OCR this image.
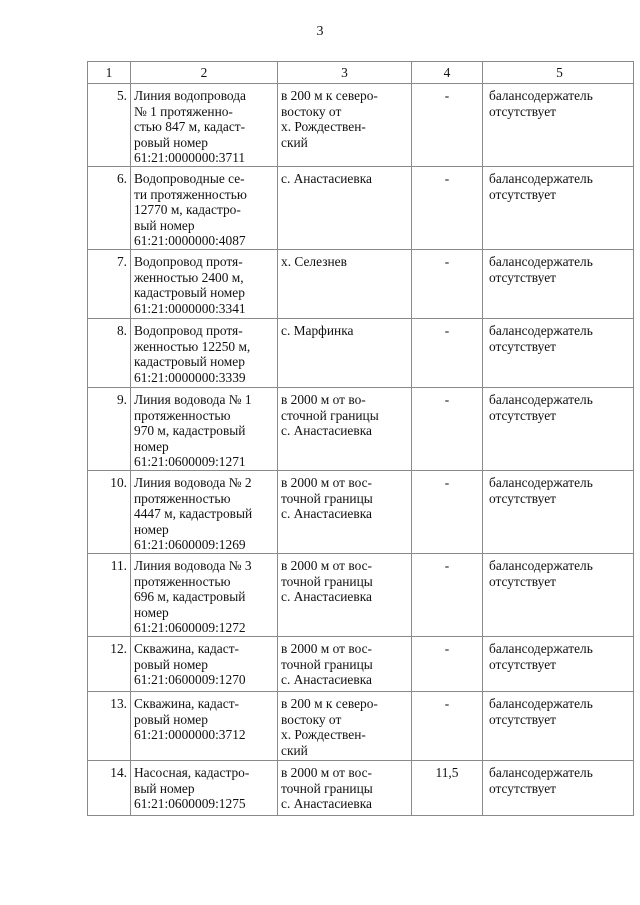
3
1	2	3	4	5
5.	Линия водопровода
№ 1 протяженно-
стью 847 м, кадаст-
ровый номер
61:21:0000000:3711	в 200 м к северо-
востоку от
х. Рождествен-
ский	-	балансодержатель
отсутствует

6.	Водопроводные се-
ти протяженностью
12770 м, кадастро-
вый номер
61:21:0000000:4087	с. Анастасиевка	-	балансодержатель
отсутствует

7.	Водопровод протя-
женностью 2400 м,
кадастровый номер
61:21:0000000:3341	х. Селезнев	-	балансодержатель
отсутствует

8.	Водопровод протя-
женностью 12250 м,
кадастровый номер
61:21:0000000:3339	с. Марфинка	-	балансодержатель
отсутствует

9.	Линия водовода № 1
протяженностью
970 м, кадастровый
номер
61:21:0600009:1271	в 2000 м от во-
сточной границы
с. Анастасиевка	-	балансодержатель
отсутствует

10.	Линия водовода № 2
протяженностью
4447 м, кадастровый
номер
61:21:0600009:1269	в 2000 м от вос-
точной границы
с. Анастасиевка	-	балансодержатель
отсутствует

11.	Линия водовода № 3
протяженностью
696 м, кадастровый
номер
61:21:0600009:1272	в 2000 м от вос-
точной границы
с. Анастасиевка	-	балансодержатель
отсутствует

12.	Скважина, кадаст-
ровый номер
61:21:0600009:1270	в 2000 м от вос-
точной границы
с. Анастасиевка	-	балансодержатель
отсутствует

13.	Скважина, кадаст-
ровый номер
61:21:0000000:3712	в 200 м к северо-
востоку от
х. Рождествен-
ский	-	балансодержатель
отсутствует

14.	Насосная, кадастро-
вый номер
61:21:0600009:1275	в 2000 м от вос-
точной границы
с. Анастасиевка	11,5	балансодержатель
отсутствует
